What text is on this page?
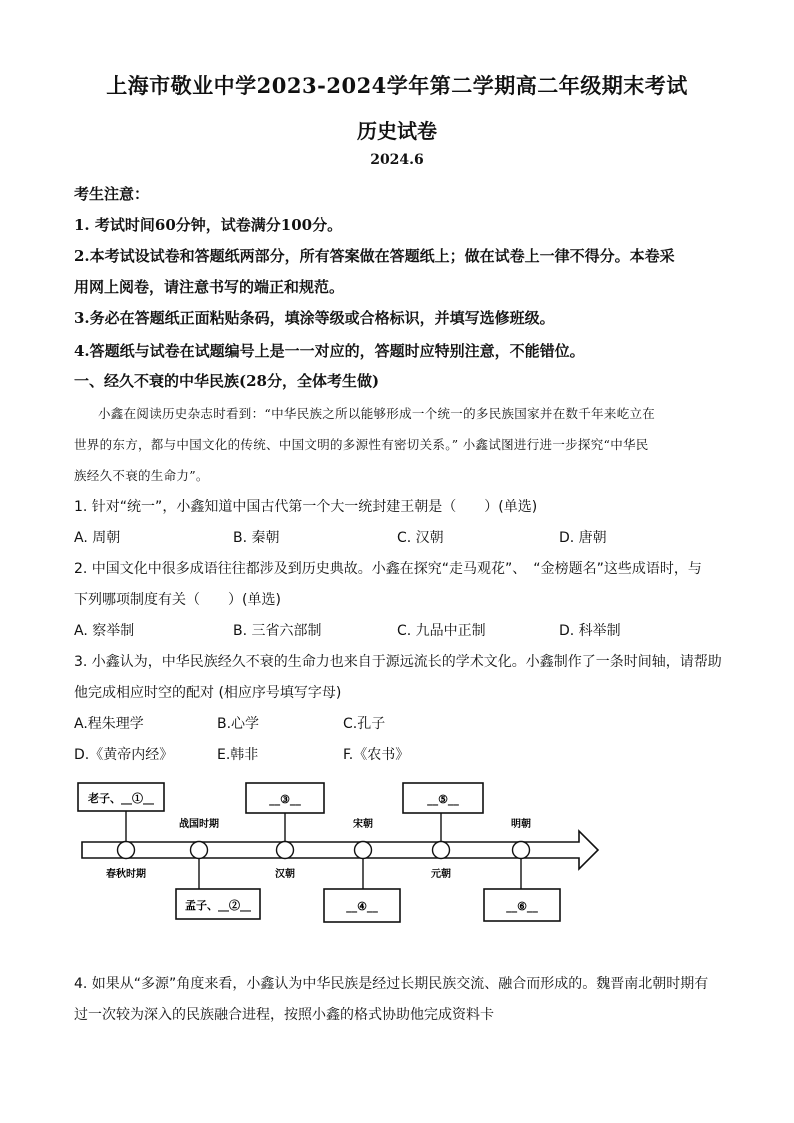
上海市敬业中学2023-2024学年第二学期高二年级期末考试
历史试卷
2024.6
考生注意：
1. 考试时间60分钟，试卷满分100分。
2.本考试设试卷和答题纸两部分，所有答案做在答题纸上；做在试卷上一律不得分。本卷采
用网上阅卷，请注意书写的端正和规范。
3.务必在答题纸正面粘贴条码，填涂等级或合格标识，并填写选修班级。
4.答题纸与试卷在试题编号上是一一对应的，答题时应特别注意，不能错位。
一、经久不衰的中华民族(28分，全体考生做)
小鑫在阅读历史杂志时看到：“中华民族之所以能够形成一个统一的多民族国家并在数千年来屹立在
世界的东方，都与中国文化的传统、中国文明的多源性有密切关系。” 小鑫试图进行进一步探究“中华民
族经久不衰的生命力”。
1. 针对“统一”，小鑫知道中国古代第一个大一统封建王朝是（　　）(单选)
A. 周朝	B. 秦朝	C. 汉朝	D. 唐朝
2. 中国文化中很多成语往往都涉及到历史典故。小鑫在探究“走马观花”、　“金榜题名”这些成语时，与
下列哪项制度有关（　　）(单选)
A. 察举制	B. 三省六部制	C. 九品中正制	D. 科举制
3. 小鑫认为，中华民族经久不衰的生命力也来自于源远流长的学术文化。小鑫制作了一条时间轴，请帮助
他完成相应时空的配对 (相应序号填写字母)
A.程朱理学	B.心学	C.孔子
D.《黄帝内经》	E.韩非	F.《农书》
老子、__①__	__③__	__⑤__
战国时期	宋朝	明朝
春秋时期	汉朝	元朝
孟子、__②__	__④__	__⑥__
4. 如果从“多源”角度来看，小鑫认为中华民族是经过长期民族交流、融合而形成的。魏晋南北朝时期有
过一次较为深入的民族融合进程，按照小鑫的格式协助他完成资料卡
